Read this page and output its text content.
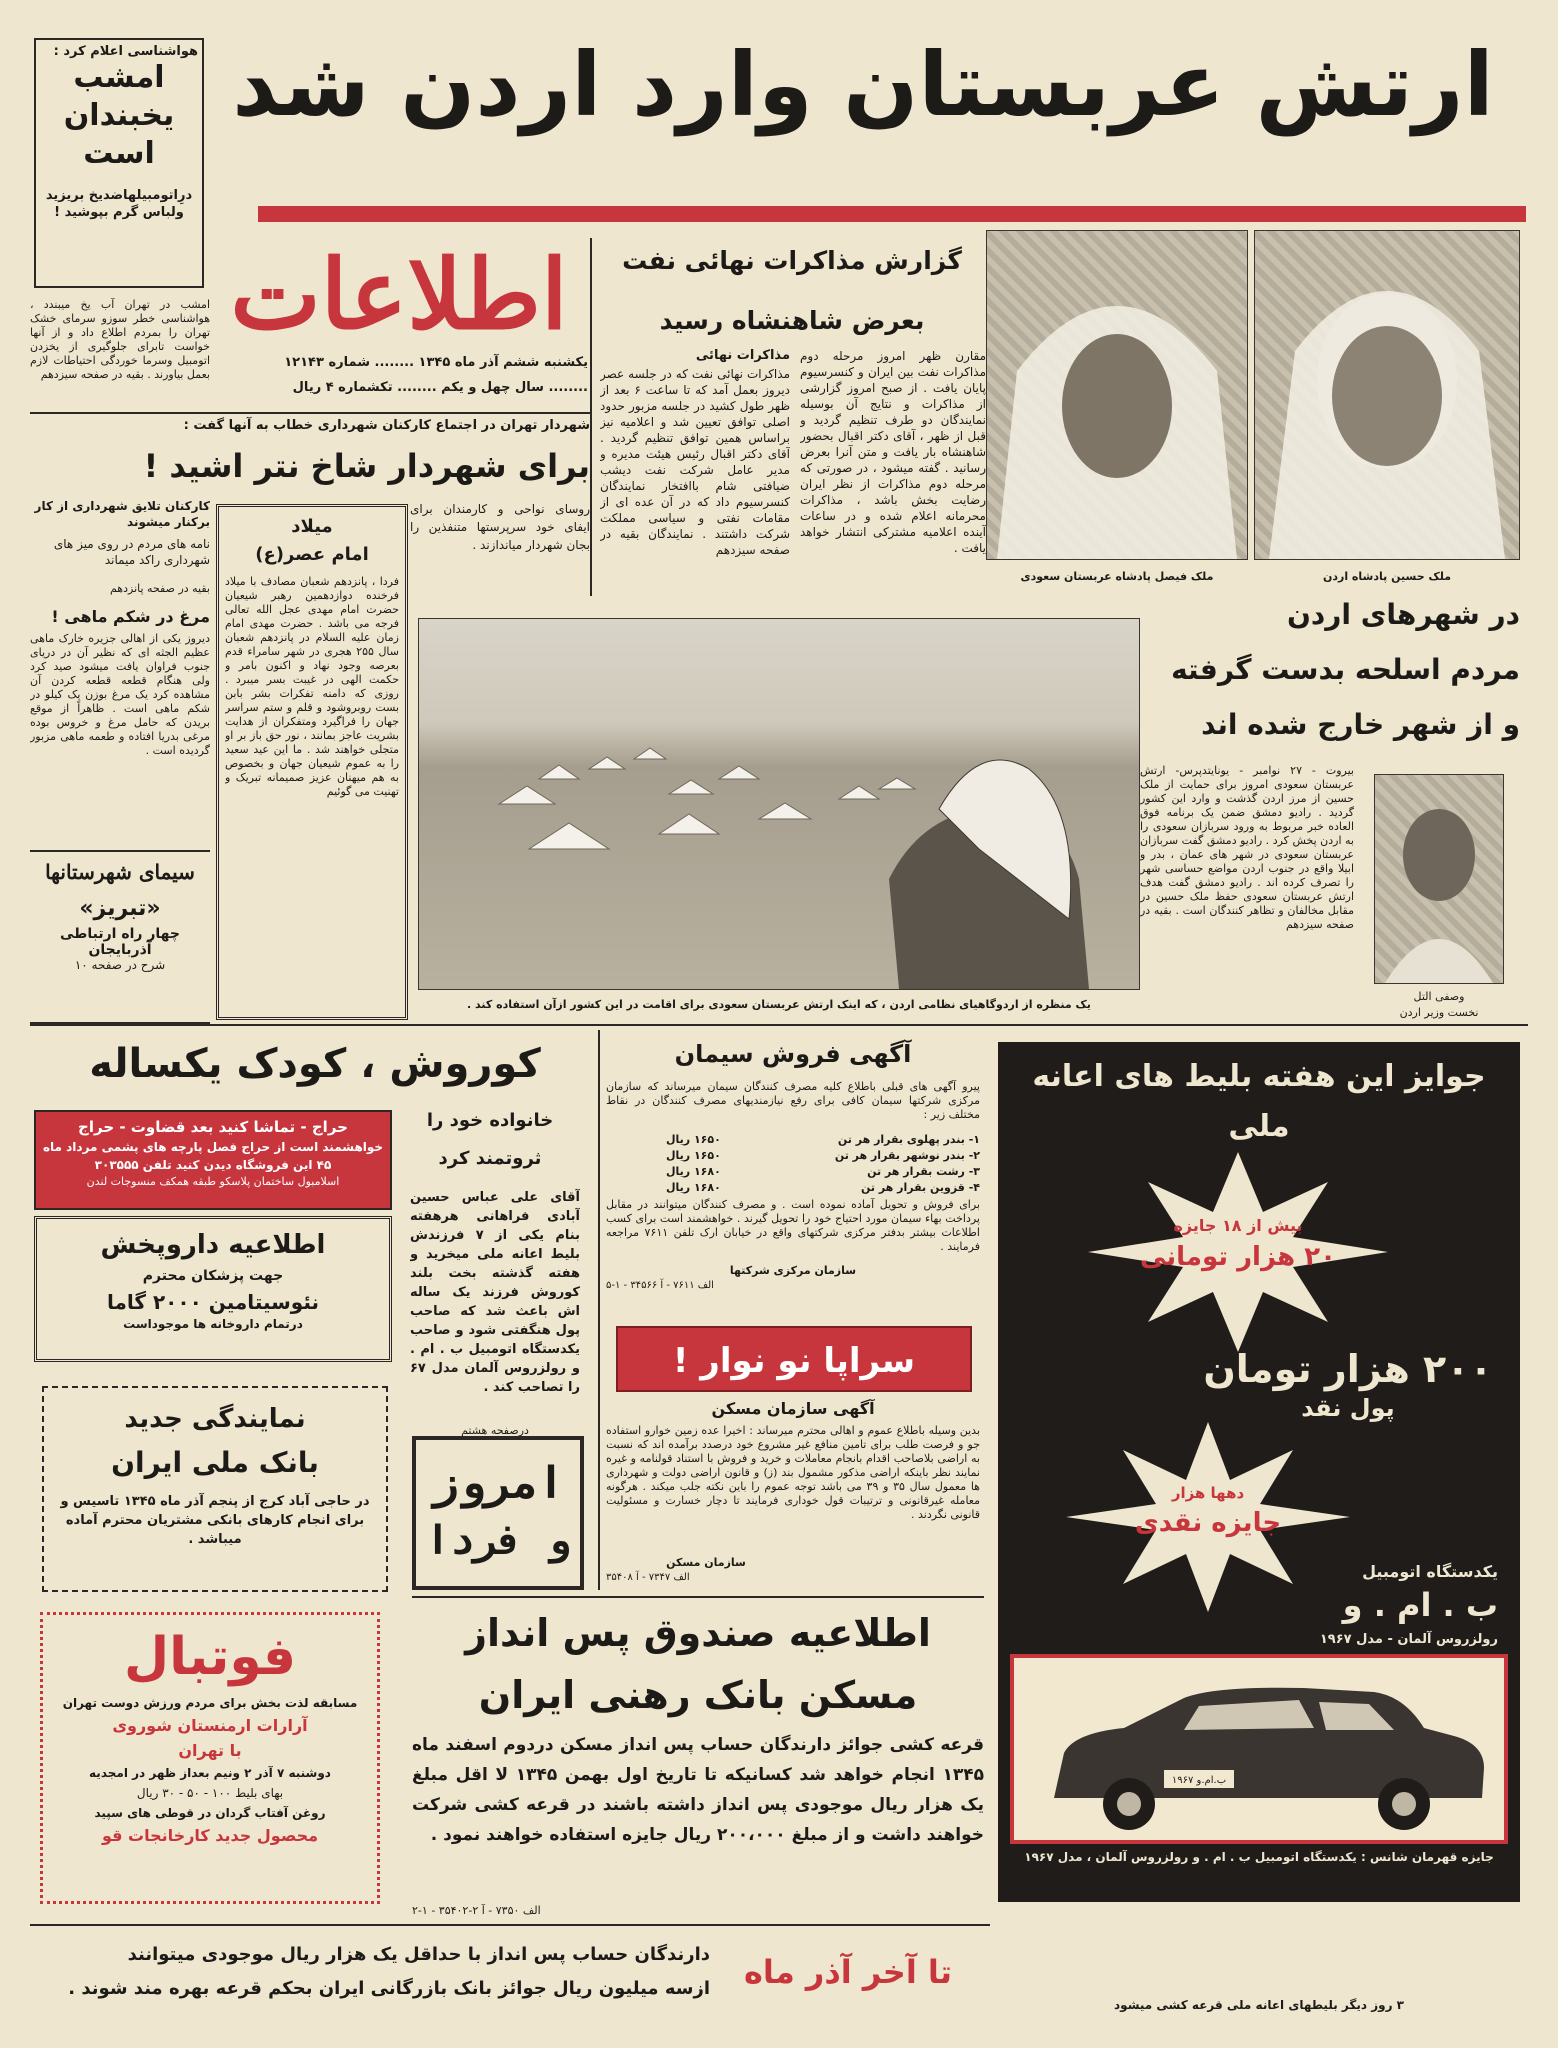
ارتش عربستان وارد اردن شد
هواشناسی اعلام کرد :
امشب
یخبندان
است
درِاتومبیلهاضدیخ بریزید ولباس گرم بپوشید !
امشب در تهران آب یخ میبندد ، هواشناسی خطر سوزو سرمای خشک تهران را بمردم اطلاع داد و از آنها خواست تابرای جلوگیری از یخزدن اتومبیل وسرما خوردگی احتیاطات لازم بعمل بیاورند . بقیه در صفحه سیزدهم
اطلاعات
یکشنبه ششم آذر ماه ۱۳۴۵ ........ شماره ۱۲۱۴۳
........ سال چهل و یکم ........ تکشماره ۴ ریال
گزارش مذاکرات نهائی نفت
بعرض شاهنشاه رسید
مقارن ظهر امروز مرحله دوم مذاکرات نفت بین ایران و کنسرسیوم پایان یافت . از صبح امروز گزارشی از مذاکرات و نتایج آن بوسیله نمایندگان دو طرف تنظیم گردید و قبل از ظهر ، آقای دکتر اقبال بحضور شاهنشاه بار یافت و متن آنرا بعرض رسانید . گفته میشود ، در صورتی که مرحله دوم مذاکرات از نظر ایران رضایت بخش باشد ، مذاکرات محرمانه اعلام شده و در ساعات آینده اعلامیه مشترکی انتشار خواهد یافت .
مذاکرات نهائی
مذاکرات نهائی نفت که در جلسه عصر دیروز بعمل آمد که تا ساعت ۶ بعد از ظهر طول کشید در جلسه مزبور حدود اصلی توافق تعیین شد و اعلامیه نیز براساس همین توافق تنظیم گردید . آقای دکتر اقبال رئیس هیئت مدیره و مدیر عامل شرکت نفت دیشب ضیافتی شام باافتخار نمایندگان کنسرسیوم داد که در آن عده ای از مقامات نفتی و سیاسی مملکت شرکت داشتند . نمایندگان بقیه در صفحه سیزدهم
ملک حسین پادشاه اردن
ملک فیصل پادشاه عربستان سعودی
در شهرهای اردن
مردم اسلحه بدست گرفته
و از شهر خارج شده اند
بیروت - ۲۷ نوامبر - یونایتدپرس- ارتش عربستان سعودی امروز برای حمایت از ملک حسین از مرز اردن گذشت و وارد این کشور گردید . رادیو دمشق ضمن یک برنامه فوق العاده خبر مربوط به ورود سربازان سعودی را به اردن پخش کرد . رادیو دمشق گفت سربازان عربستان سعودی در شهر های عمان ، بدر و ابیلا واقع در جنوب اردن مواضع حساسی شهر را تصرف کرده اند . رادیو دمشق گفت هدف ارتش عربستان سعودی حفظ ملک حسین در مقابل مخالفان و تظاهر کنندگان است . بقیه در صفحه سیزدهم
وصفی التل
نخست وزیر اردن
شهردار تهران در اجتماع کارکنان شهرداری خطاب به آنها گفت :
برای شهردار شاخ نتر اشید !
کارکنان تلایق شهرداری از کار برکنار میشوند
نامه های مردم در روی میز های شهرداری راکد میماند
بقیه در صفحه پانزدهم
روسای نواحی و کارمندان برای ایفای خود سرپرستها متنفذین را بجان شهردار میاندازند .
مرغ در شکم ماهی !
دیروز یکی از اهالی جزیره خارک ماهی عظیم الجثه ای که نظیر آن در دریای جنوب فراوان یافت میشود صید کرد ولی هنگام قطعه قطعه کردن آن مشاهده کرد یک مرغ بوزن یک کیلو در شکم ماهی است . ظاهراً از موقع بریدن که حامل مرغ و خروس بوده مرغی بدریا افتاده و طعمه ماهی مزبور گردیده است .
سیمای شهرستانها
«تبریز»
چهار راه ارتباطی
آذربایجان
شرح در صفحه ۱۰
میلاد
امام عصر(ع)
فردا ، پانزدهم شعبان مصادف با میلاد فرخنده دوازدهمین رهبر شیعیان حضرت امام مهدی عجل الله تعالی فرجه می باشد . حضرت مهدی امام زمان علیه السلام در پانزدهم شعبان سال ۲۵۵ هجری در شهر سامراء قدم بعرصه وجود نهاد و اکنون بامر و حکمت الهی در غیبت بسر میبرد . روزی که دامنه تفکرات بشر بابن بست روبروشود و قلم و ستم سراسر جهان را فراگیرد ومتفکران از هدایت بشریت عاجز بمانند ، نور حق باز بر او متجلی خواهند شد . ما این عید سعید را به عموم شیعیان جهان و بخصوص به هم میهنان عزیز صمیمانه تبریک و تهنیت می گوئیم
یک منظره از اردوگاهیای نظامی اردن ، که اینک ارتش عربستان سعودی برای اقامت در این کشور ازآن استفاده کند .
کوروش ، کودک یکساله
خانواده خود را
ثروتمند کرد
آقای علی عباس حسین آبادی فراهانی هرهفته بنام یکی از ۷ فرزندش بلیط اعانه ملی میخرید و هفته گذشته بخت بلند کوروش فرزند یک ساله اش باعث شد که صاحب پول هنگفتی شود و صاحب یکدستگاه اتومبیل ب . ام . و رولزروس آلمان مدل ۶۷ را تصاحب کند .
درصفحه هشتم
حراج - تماشا کنید بعد قضاوت - حراج
خواهشمند است از حراج فصل پارچه های پشمی مرداد ماه ۴۵ این فروشگاه دیدن کنید تلفن ۳۰۳۵۵۵
اسلامبول ساختمان پلاسکو طبقه همکف منسوجات لندن
اطلاعیه داروپخش
جهت پزشکان محترم
نئوسیتامین ۲۰۰۰ گاما
درتمام داروخانه ها موجوداست
نمایندگی جدید
بانک ملی ایران
در حاجی آباد کرج از پنجم آذر ماه ۱۳۴۵ تاسیس و برای انجام کارهای بانکی مشتریان محترم آماده میباشد .
فوتبال
مسابقه لذت بخش برای مردم ورزش دوست تهران
آرارات ارمنستان شوروی
با تهران
دوشنبه ۷ آذر ۲ ونیم بعداز ظهر در امجدیه
بهای بلیط ۱۰۰ - ۵۰ - ۳۰ ریال
روغن آفتاب گردان در قوطی های سپید
محصول جدید کارخانجات قو
امروز
و فردا
آگهی فروش سیمان
پیرو آگهی های قبلی باطلاع کلیه مصرف کنندگان سیمان میرساند که سازمان مرکزی شرکتها سیمان کافی برای رفع نیازمندیهای مصرف کنندگان در نقاط مختلف زیر :
۱- بندر پهلوی بقرار هر تن
۱۶۵۰ ریال
۲- بندر نوشهر بقرار هر تن
۱۶۵۰ ریال
۳- رشت بقرار هر تن
۱۶۸۰ ریال
۴- قزوین بقرار هر تن
۱۶۸۰ ریال
برای فروش و تحویل آماده نموده است . و مصرف کنندگان میتوانند در مقابل پرداخت بهاء سیمان مورد احتیاج خود را تحویل گیرند . خواهشمند است برای کسب اطلاعات بیشتر بدفتر مرکزی شرکتهای واقع در خیابان ارک تلفن ۷۶۱۱ مراجعه فرمایند .
سازمان مرکزی شرکتها
الف ۷۶۱۱ - آ ۳۴۵۶۶ - ۱-۵
سراپا نو نوار !
آگهی سازمان مسکن
بدین وسیله باطلاع عموم و اهالی محترم میرساند : اخیرا عده زمین خوارو استفاده جو و فرصت طلب برای تامین منافع غیر مشروع خود درصدد برآمده اند که نسبت به اراضی بلاصاحب اقدام بانجام معاملات و خرید و فروش با استناد قولنامه و غیره نمایند نظر باینکه اراضی مذکور مشمول بند (ز) و قانون اراضی دولت و شهرداری ها معمول سال ۳۵ و ۳۹ می باشد توجه عموم را باین نکته جلب میکند . هرگونه معامله غیرقانونی و ترتیبات قول خوداری فرمایند تا دچار خسارت و مسئولیت قانونی نگردند .
سازمان مسکن
الف ۷۳۴۷ - آ ۳۵۴۰۸
اطلاعیه صندوق پس انداز
مسکن بانک رهنی ایران
قرعه کشی جوائز دارندگان حساب پس انداز مسکن دردوم اسفند ماه ۱۳۴۵ انجام خواهد شد کسانیکه تا تاریخ اول بهمن ۱۳۴۵ لا اقل مبلغ یک هزار ریال موجودی پس انداز داشته باشند در قرعه کشی شرکت خواهند داشت و از مبلغ ۲۰۰،۰۰۰ ریال جایزه استفاده خواهند نمود .
الف ۷۳۵۰ - آ ۲-۳۵۴۰۲ - ۱-۲
جوایز این هفته بلیط های اعانه ملی
بیش از ۱۸ جایزه
۲۰ هزار تومانی
۲۰۰ هزار تومان
پول نقد
دهها هزار
جایزه نقدی
یکدستگاه اتومبیل
ب . ام . و
رولزروس آلمان - مدل ۱۹۶۷
ب.ام.و ۱۹۶۷
جایزه قهرمان شانس : یکدستگاه اتومبیل ب . ام . و رولزروس آلمان ، مدل ۱۹۶۷
۳ روز دیگر بلیطهای اعانه ملی قرعه کشی میشود
تا آخر آذر ماه
دارندگان حساب پس انداز با حداقل یک هزار ریال موجودی میتوانند
ازسه میلیون ریال جوائز بانک بازرگانی ایران بحکم قرعه بهره مند شوند .
